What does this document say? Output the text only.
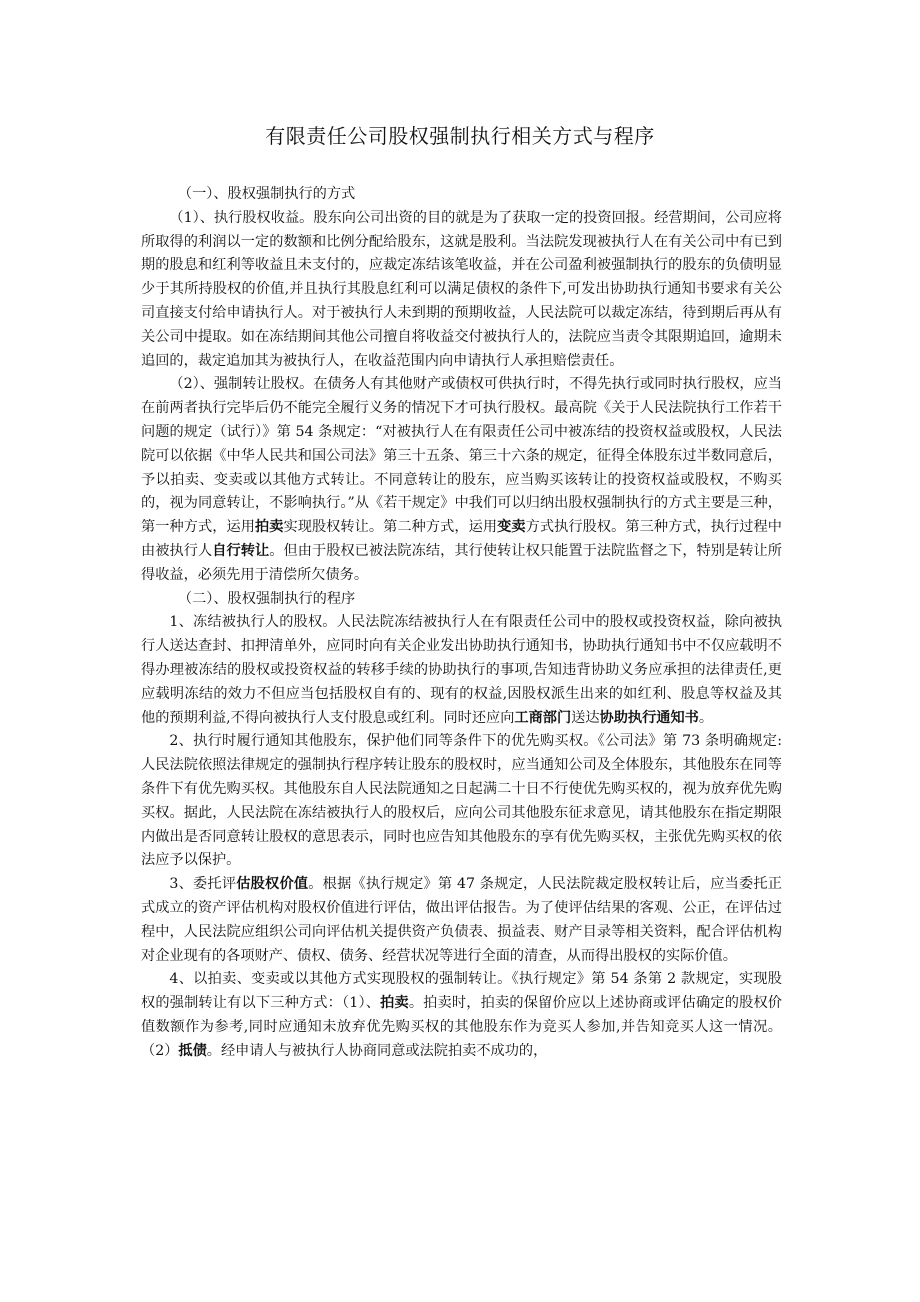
有限责任公司股权强制执行相关方式与程序

（一）、股权强制执行的方式

（1）、执行股权收益。股东向公司出资的目的就是为了获取一定的投资回报。经营期间，公司应将所取得的利润以一定的数额和比例分配给股东，这就是股利。当法院发现被执行人在有关公司中有已到期的股息和红利等收益且未支付的，应裁定冻结该笔收益，并在公司盈利被强制执行的股东的负债明显少于其所持股权的价值,并且执行其股息红利可以满足债权的条件下,可发出协助执行通知书要求有关公司直接支付给申请执行人。对于被执行人未到期的预期收益，人民法院可以裁定冻结，待到期后再从有关公司中提取。如在冻结期间其他公司擅自将收益交付被执行人的，法院应当责令其限期追回，逾期未追回的，裁定追加其为被执行人，在收益范围内向申请执行人承担赔偿责任。

（2）、强制转让股权。在债务人有其他财产或债权可供执行时，不得先执行或同时执行股权，应当在前两者执行完毕后仍不能完全履行义务的情况下才可执行股权。最高院《关于人民法院执行工作若干问题的规定（试行）》第 54 条规定：“对被执行人在有限责任公司中被冻结的投资权益或股权，人民法院可以依据《中华人民共和国公司法》第三十五条、第三十六条的规定，征得全体股东过半数同意后，予以拍卖、变卖或以其他方式转让。不同意转让的股东，应当购买该转让的投资权益或股权，不购买的，视为同意转让，不影响执行。”从《若干规定》中我们可以归纳出股权强制执行的方式主要是三种，第一种方式，运用拍卖实现股权转让。第二种方式，运用变卖方式执行股权。第三种方式，执行过程中由被执行人自行转让。但由于股权已被法院冻结，其行使转让权只能置于法院监督之下，特别是转让所得收益，必须先用于清偿所欠债务。

（二）、股权强制执行的程序

1、冻结被执行人的股权。人民法院冻结被执行人在有限责任公司中的股权或投资权益，除向被执行人送达查封、扣押清单外，应同时向有关企业发出协助执行通知书，协助执行通知书中不仅应载明不得办理被冻结的股权或投资权益的转移手续的协助执行的事项,告知违背协助义务应承担的法律责任,更应载明冻结的效力不但应当包括股权自有的、现有的权益,因股权派生出来的如红利、股息等权益及其他的预期利益,不得向被执行人支付股息或红利。同时还应向工商部门送达协助执行通知书。

2、执行时履行通知其他股东，保护他们同等条件下的优先购买权。《公司法》第 73 条明确规定: 人民法院依照法律规定的强制执行程序转让股东的股权时，应当通知公司及全体股东，其他股东在同等条件下有优先购买权。其他股东自人民法院通知之日起满二十日不行使优先购买权的，视为放弃优先购买权。据此，人民法院在冻结被执行人的股权后，应向公司其他股东征求意见，请其他股东在指定期限内做出是否同意转让股权的意思表示，同时也应告知其他股东的享有优先购买权，主张优先购买权的依法应予以保护。

3、委托评估股权价值。根据《执行规定》第 47 条规定，人民法院裁定股权转让后，应当委托正式成立的资产评估机构对股权价值进行评估，做出评估报告。为了使评估结果的客观、公正，在评估过程中，人民法院应组织公司向评估机关提供资产负债表、损益表、财产目录等相关资料，配合评估机构对企业现有的各项财产、债权、债务、经营状况等进行全面的清查，从而得出股权的实际价值。

4、以拍卖、变卖或以其他方式实现股权的强制转让。《执行规定》第 54 条第 2 款规定，实现股权的强制转让有以下三种方式：（1）、拍卖。拍卖时，拍卖的保留价应以上述协商或评估确定的股权价值数额作为参考,同时应通知未放弃优先购买权的其他股东作为竞买人参加,并告知竞买人这一情况。（2）抵债。经申请人与被执行人协商同意或法院拍卖不成功的，
